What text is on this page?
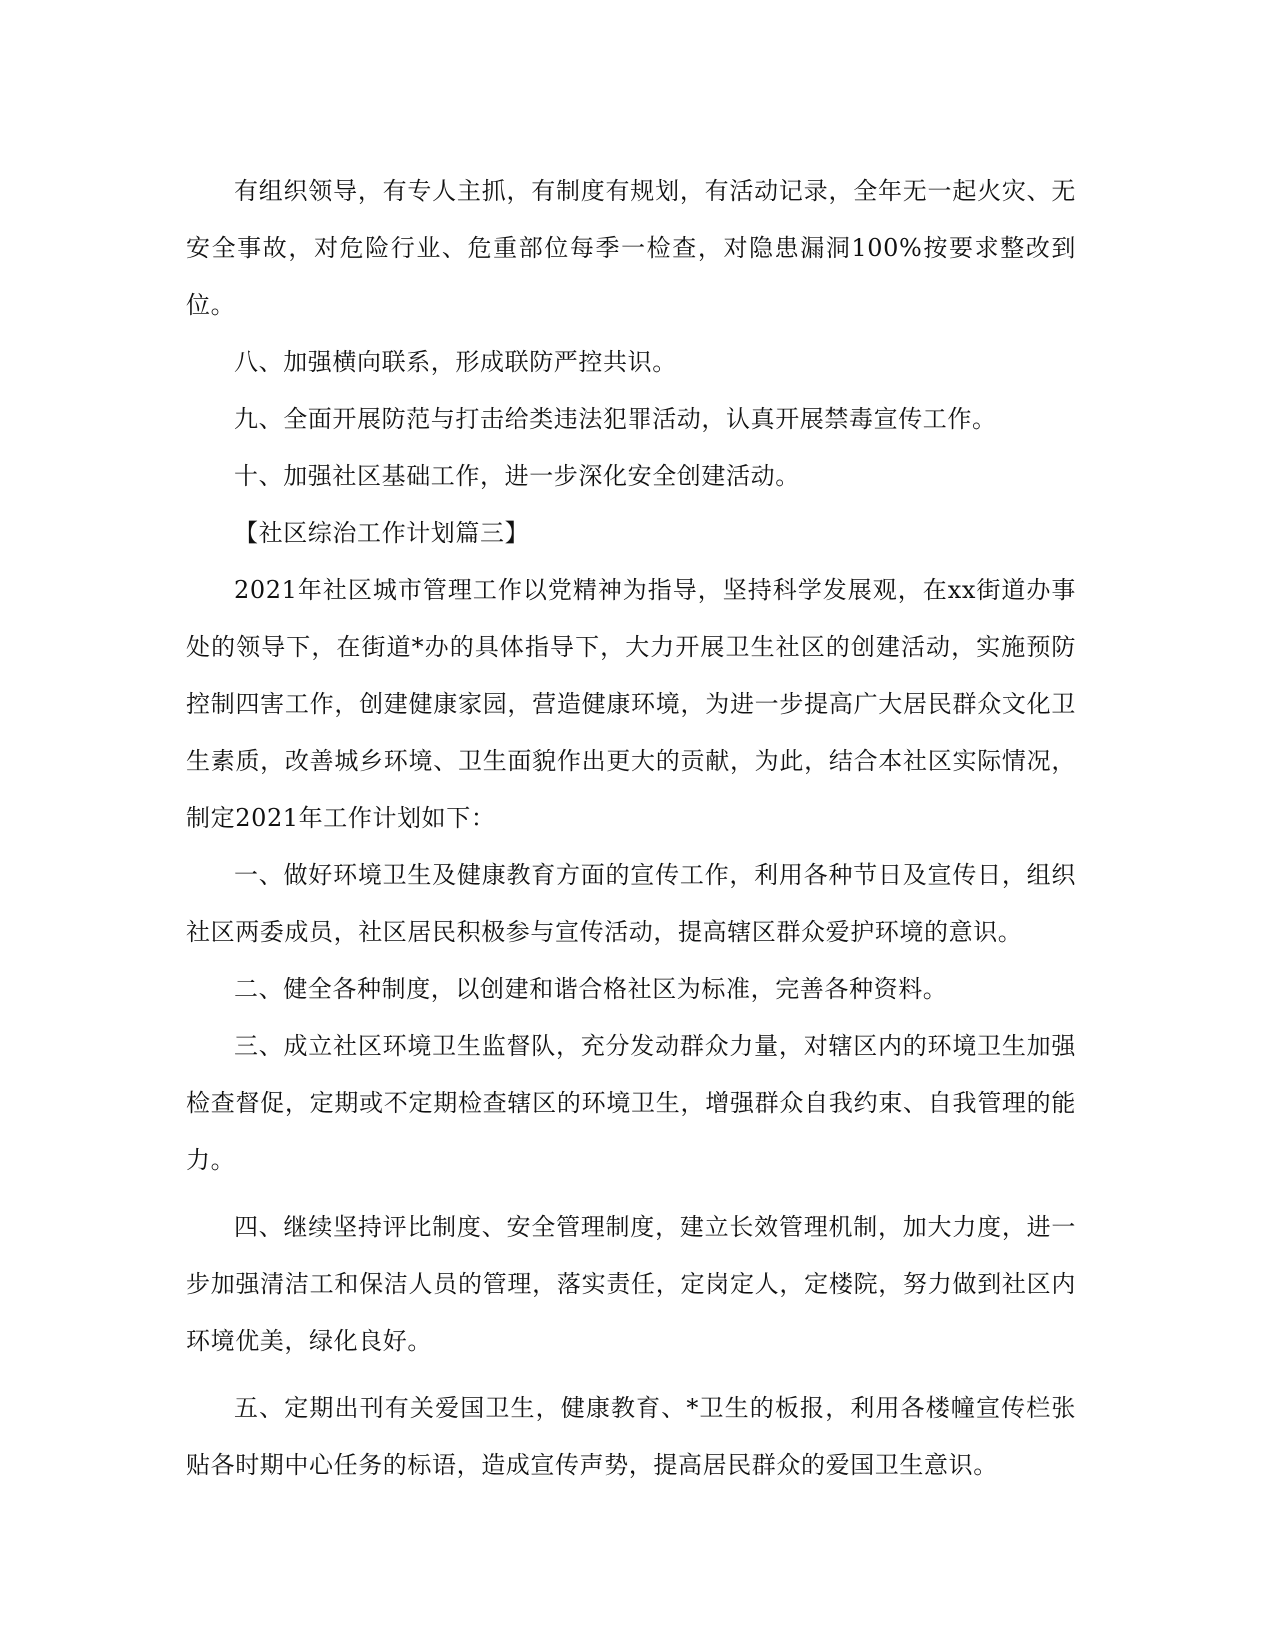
有组织领导，有专人主抓，有制度有规划，有活动记录，全年无一起火灾、无安全事故，对危险行业、危重部位每季一检查，对隐患漏洞100%按要求整改到位。

八、加强横向联系，形成联防严控共识。

九、全面开展防范与打击给类违法犯罪活动，认真开展禁毒宣传工作。

十、加强社区基础工作，进一步深化安全创建活动。

【社区综治工作计划篇三】

2021年社区城市管理工作以党精神为指导，坚持科学发展观，在xx街道办事处的领导下，在街道*办的具体指导下，大力开展卫生社区的创建活动，实施预防控制四害工作，创建健康家园，营造健康环境，为进一步提高广大居民群众文化卫生素质，改善城乡环境、卫生面貌作出更大的贡献，为此，结合本社区实际情况，制定2021年工作计划如下：

一、做好环境卫生及健康教育方面的宣传工作，利用各种节日及宣传日，组织社区两委成员，社区居民积极参与宣传活动，提高辖区群众爱护环境的意识。

二、健全各种制度，以创建和谐合格社区为标准，完善各种资料。

三、成立社区环境卫生监督队，充分发动群众力量，对辖区内的环境卫生加强检查督促，定期或不定期检查辖区的环境卫生，增强群众自我约束、自我管理的能力。

四、继续坚持评比制度、安全管理制度，建立长效管理机制，加大力度，进一步加强清洁工和保洁人员的管理，落实责任，定岗定人，定楼院，努力做到社区内环境优美，绿化良好。

五、定期出刊有关爱国卫生，健康教育、*卫生的板报，利用各楼幢宣传栏张贴各时期中心任务的标语，造成宣传声势，提高居民群众的爱国卫生意识。
